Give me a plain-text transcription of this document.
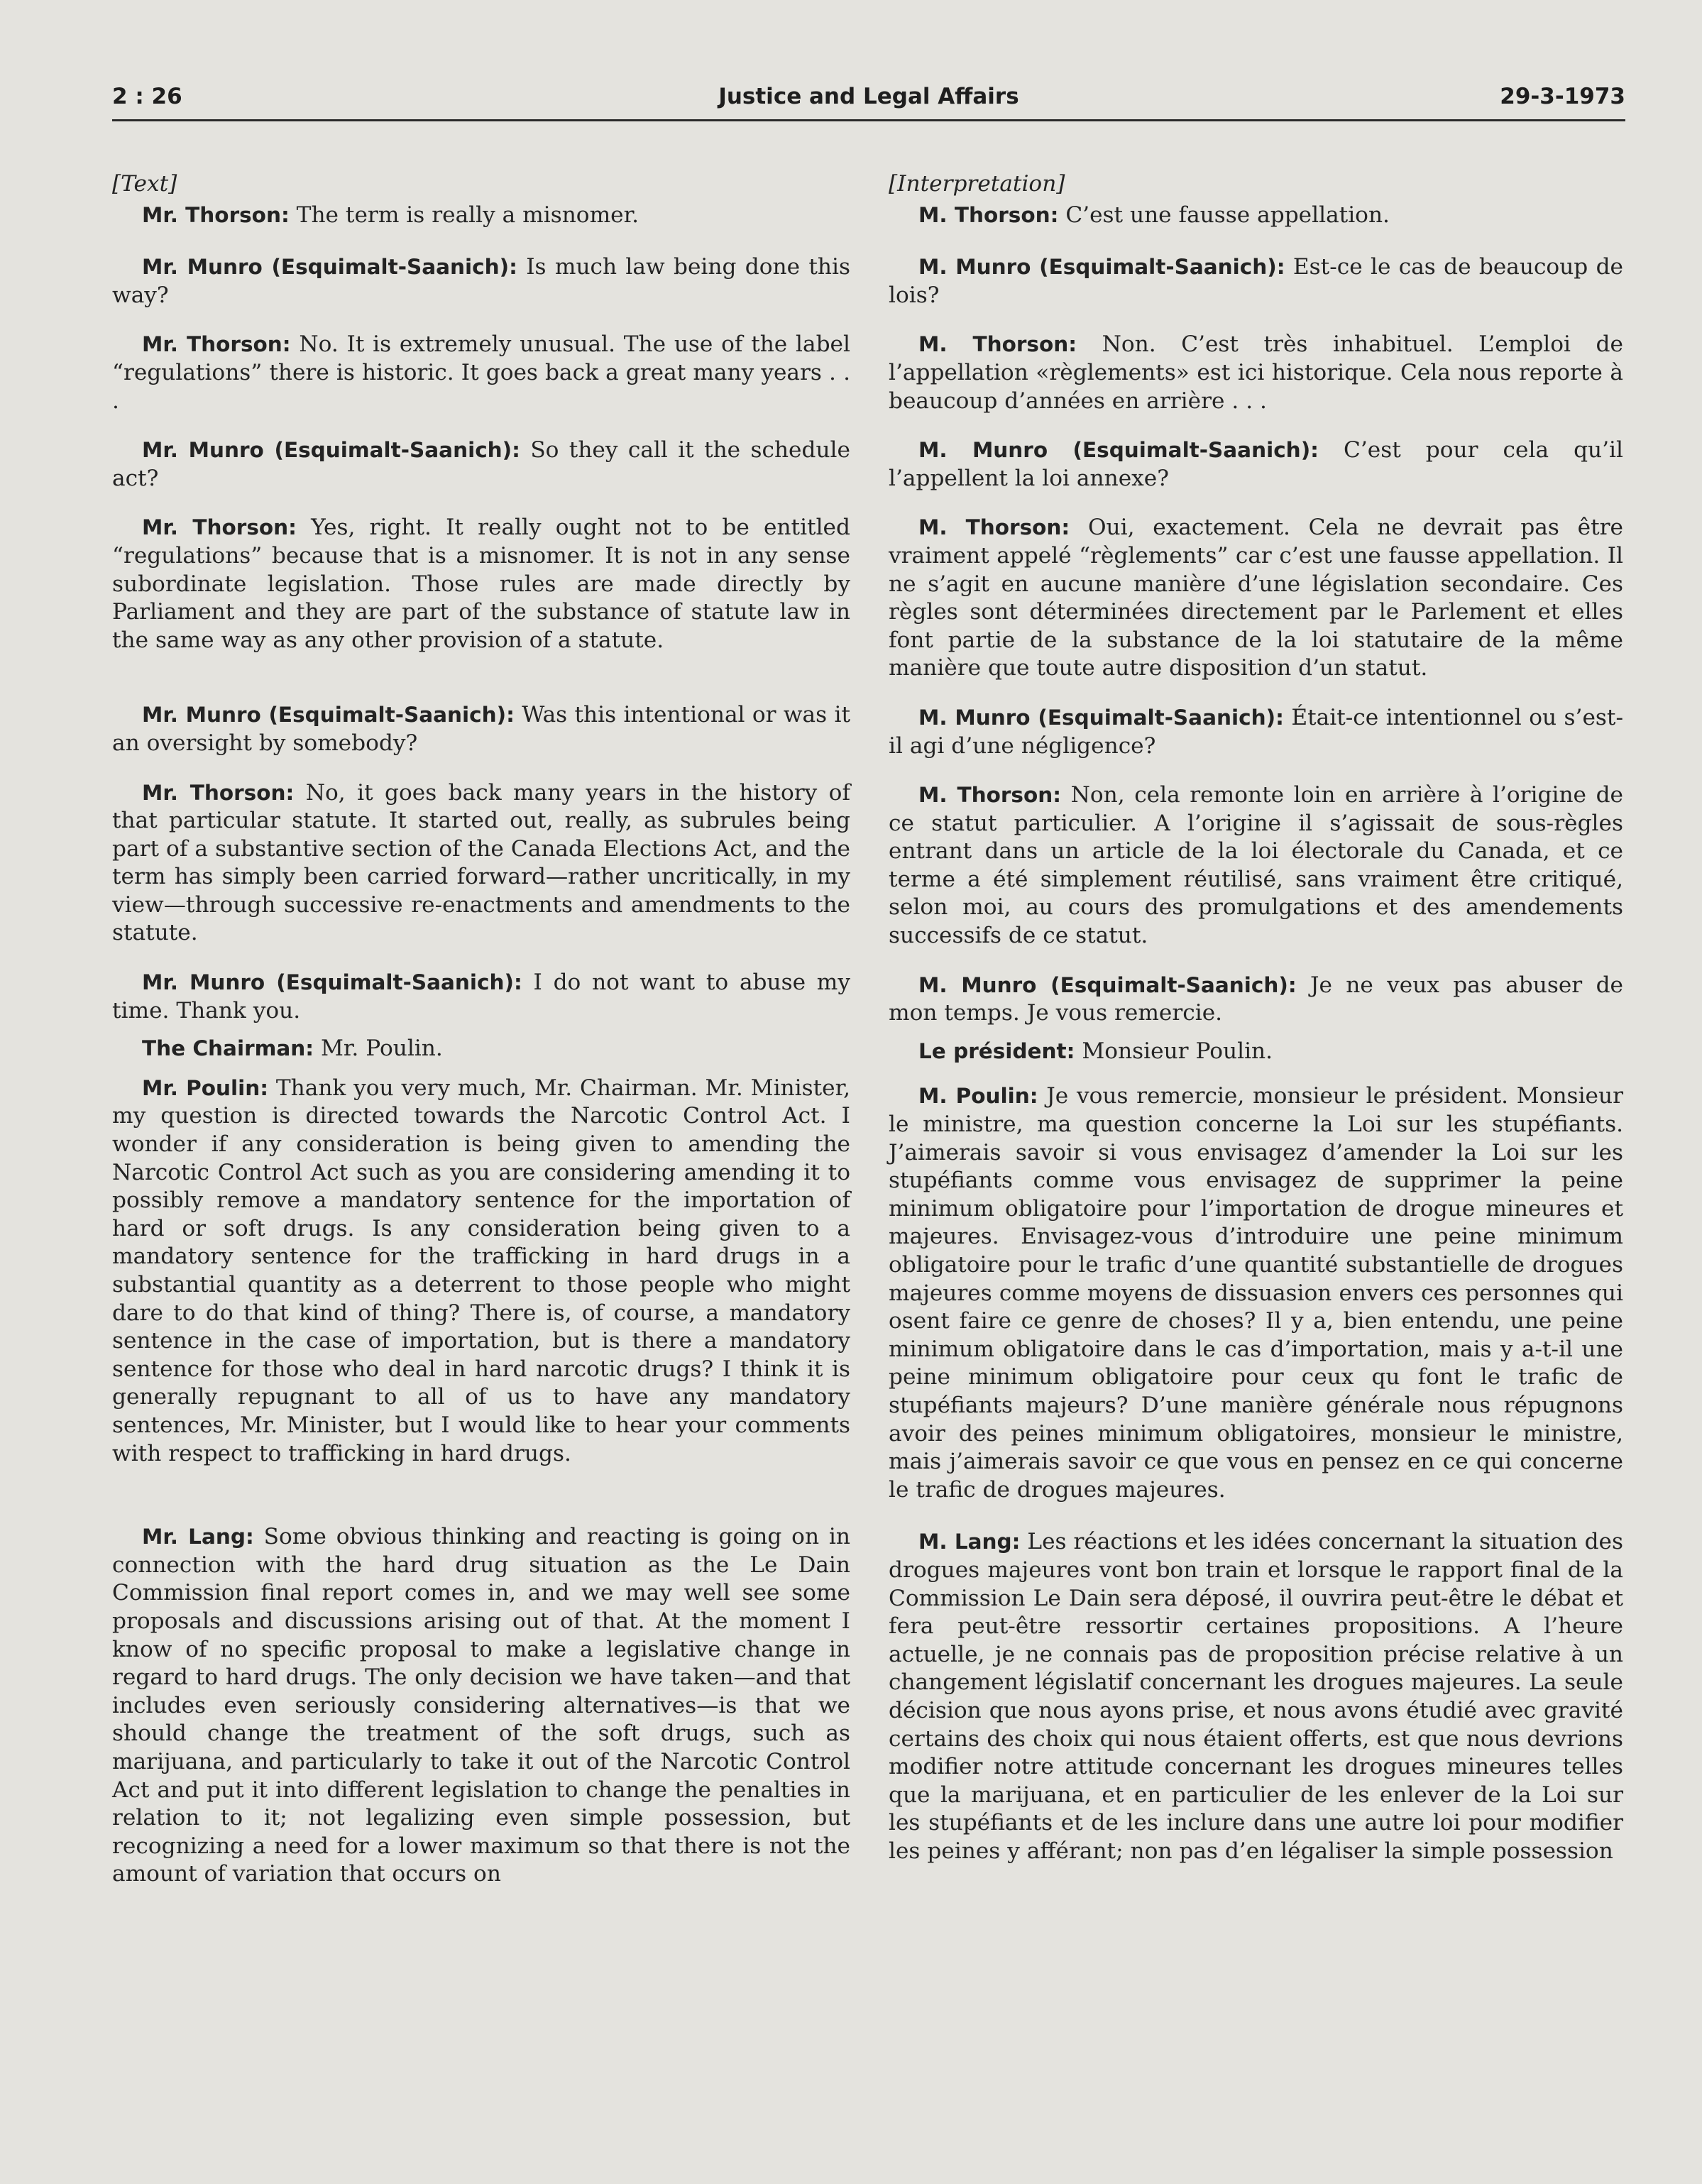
2 : 26	Justice and Legal Affairs	29-3-1973

[Text]

Mr. Thorson: The term is really a misnomer.

Mr. Munro (Esquimalt-Saanich): Is much law being done this way?

Mr. Thorson: No. It is extremely unusual. The use of the label “regulations” there is historic. It goes back a great many years . . .

Mr. Munro (Esquimalt-Saanich): So they call it the schedule act?

Mr. Thorson: Yes, right. It really ought not to be entitled “regulations” because that is a misnomer. It is not in any sense subordinate legislation. Those rules are made directly by Parliament and they are part of the substance of statute law in the same way as any other provision of a statute.

Mr. Munro (Esquimalt-Saanich): Was this intentional or was it an oversight by somebody?

Mr. Thorson: No, it goes back many years in the history of that particular statute. It started out, really, as subrules being part of a substantive section of the Canada Elections Act, and the term has simply been carried forward—rather uncritically, in my view—through successive re-enactments and amendments to the statute.

Mr. Munro (Esquimalt-Saanich): I do not want to abuse my time. Thank you.

The Chairman: Mr. Poulin.

Mr. Poulin: Thank you very much, Mr. Chairman. Mr. Minister, my question is directed towards the Narcotic Control Act. I wonder if any consideration is being given to amending the Narcotic Control Act such as you are considering amending it to possibly remove a mandatory sentence for the importation of hard or soft drugs. Is any consideration being given to a mandatory sentence for the trafficking in hard drugs in a substantial quantity as a deterrent to those people who might dare to do that kind of thing? There is, of course, a mandatory sentence in the case of importation, but is there a mandatory sentence for those who deal in hard narcotic drugs? I think it is generally repugnant to all of us to have any mandatory sentences, Mr. Minister, but I would like to hear your comments with respect to trafficking in hard drugs.

Mr. Lang: Some obvious thinking and reacting is going on in connection with the hard drug situation as the Le Dain Commission final report comes in, and we may well see some proposals and discussions arising out of that. At the moment I know of no specific proposal to make a legislative change in regard to hard drugs. The only decision we have taken—and that includes even seriously considering alternatives—is that we should change the treatment of the soft drugs, such as marijuana, and particularly to take it out of the Narcotic Control Act and put it into different legislation to change the penalties in relation to it; not legalizing even simple possession, but recognizing a need for a lower maximum so that there is not the amount of variation that occurs on

[Interpretation]

M. Thorson: C’est une fausse appellation.

M. Munro (Esquimalt-Saanich): Est-ce le cas de beaucoup de lois?

M. Thorson: Non. C’est très inhabituel. L’emploi de l’appellation «règlements» est ici historique. Cela nous reporte à beaucoup d’années en arrière . . .

M. Munro (Esquimalt-Saanich): C’est pour cela qu’il l’appellent la loi annexe?

M. Thorson: Oui, exactement. Cela ne devrait pas être vraiment appelé “règlements” car c’est une fausse appellation. Il ne s’agit en aucune manière d’une législation secondaire. Ces règles sont déterminées directement par le Parlement et elles font partie de la substance de la loi statutaire de la même manière que toute autre disposition d’un statut.

M. Munro (Esquimalt-Saanich): Était-ce intentionnel ou s’est-il agi d’une négligence?

M. Thorson: Non, cela remonte loin en arrière à l’origine de ce statut particulier. A l’origine il s’agissait de sous-règles entrant dans un article de la loi électorale du Canada, et ce terme a été simplement réutilisé, sans vraiment être critiqué, selon moi, au cours des promulgations et des amendements successifs de ce statut.

M. Munro (Esquimalt-Saanich): Je ne veux pas abuser de mon temps. Je vous remercie.

Le président: Monsieur Poulin.

M. Poulin: Je vous remercie, monsieur le président. Monsieur le ministre, ma question concerne la Loi sur les stupéfiants. J’aimerais savoir si vous envisagez d’amender la Loi sur les stupéfiants comme vous envisagez de supprimer la peine minimum obligatoire pour l’importation de drogue mineures et majeures. Envisagez-vous d’introduire une peine minimum obligatoire pour le trafic d’une quantité substantielle de drogues majeures comme moyens de dissuasion envers ces personnes qui osent faire ce genre de choses? Il y a, bien entendu, une peine minimum obligatoire dans le cas d’importation, mais y a-t-il une peine minimum obligatoire pour ceux qu font le trafic de stupéfiants majeurs? D’une manière générale nous répugnons avoir des peines minimum obligatoires, monsieur le ministre, mais j’aimerais savoir ce que vous en pensez en ce qui concerne le trafic de drogues majeures.

M. Lang: Les réactions et les idées concernant la situation des drogues majeures vont bon train et lorsque le rapport final de la Commission Le Dain sera déposé, il ouvrira peut-être le débat et fera peut-être ressortir certaines propositions. A l’heure actuelle, je ne connais pas de proposition précise relative à un changement législatif concernant les drogues majeures. La seule décision que nous ayons prise, et nous avons étudié avec gravité certains des choix qui nous étaient offerts, est que nous devrions modifier notre attitude concernant les drogues mineures telles que la marijuana, et en particulier de les enlever de la Loi sur les stupéfiants et de les inclure dans une autre loi pour modifier les peines y afférant; non pas d’en légaliser la simple possession
